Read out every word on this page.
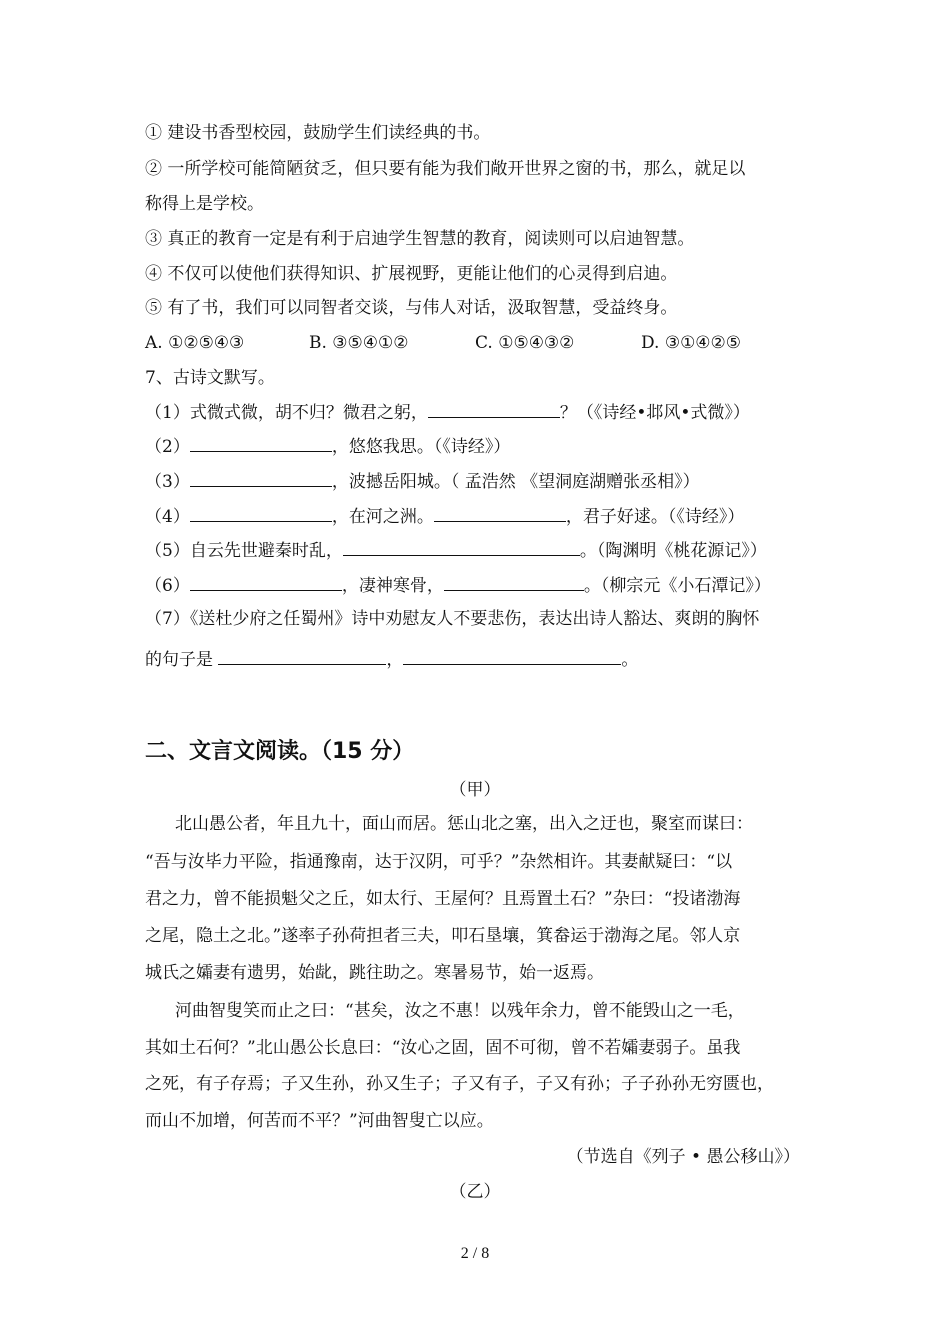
① 建设书香型校园，鼓励学生们读经典的书。

② 一所学校可能简陋贫乏，但只要有能为我们敞开世界之窗的书，那么，就足以

称得上是学校。

③ 真正的教育一定是有利于启迪学生智慧的教育，阅读则可以启迪智慧。

④ 不仅可以使他们获得知识、扩展视野，更能让他们的心灵得到启迪。

⑤ 有了书，我们可以同智者交谈，与伟人对话，汲取智慧，受益终身。

A. ①②⑤④③	B. ③⑤④①②	C. ①⑤④③②	D. ③①④②⑤

7、古诗文默写。

（1）式微式微，胡不归？微君之躬，	？（《诗经•邶风•式微》）

（2）	，悠悠我思。（《诗经》）

（3）	，波撼岳阳城。（ 孟浩然 《望洞庭湖赠张丞相》）

（4）	，在河之洲。	，君子好逑。（《诗经》）

（5）自云先世避秦时乱，	。（陶渊明《桃花源记》）

（6）	，凄神寒骨，	。（柳宗元《小石潭记》）

（7）《送杜少府之任蜀州》诗中劝慰友人不要悲伤，表达出诗人豁达、爽朗的胸怀

的句子是	，	。

二、文言文阅读。（15 分）

（甲）

北山愚公者，年且九十，面山而居。惩山北之塞，出入之迂也，聚室而谋曰：

“吾与汝毕力平险，指通豫南，达于汉阴，可乎？”杂然相许。其妻献疑曰：“以

君之力，曾不能损魁父之丘，如太行、王屋何？且焉置土石？”杂曰：“投诸渤海

之尾，隐土之北。”遂率子孙荷担者三夫，叩石垦壤，箕畚运于渤海之尾。邻人京

城氏之孀妻有遗男，始龀，跳往助之。寒暑易节，始一返焉。

河曲智叟笑而止之曰：“甚矣，汝之不惠！以残年余力，曾不能毁山之一毛，

其如土石何？”北山愚公长息曰：“汝心之固，固不可彻，曾不若孀妻弱子。虽我

之死，有子存焉；子又生孙，孙又生子；子又有子，子又有孙；子子孙孙无穷匮也，

而山不加增，何苦而不平？”河曲智叟亡以应。

（节选自《列子 • 愚公移山》）

（乙）

2 / 8
